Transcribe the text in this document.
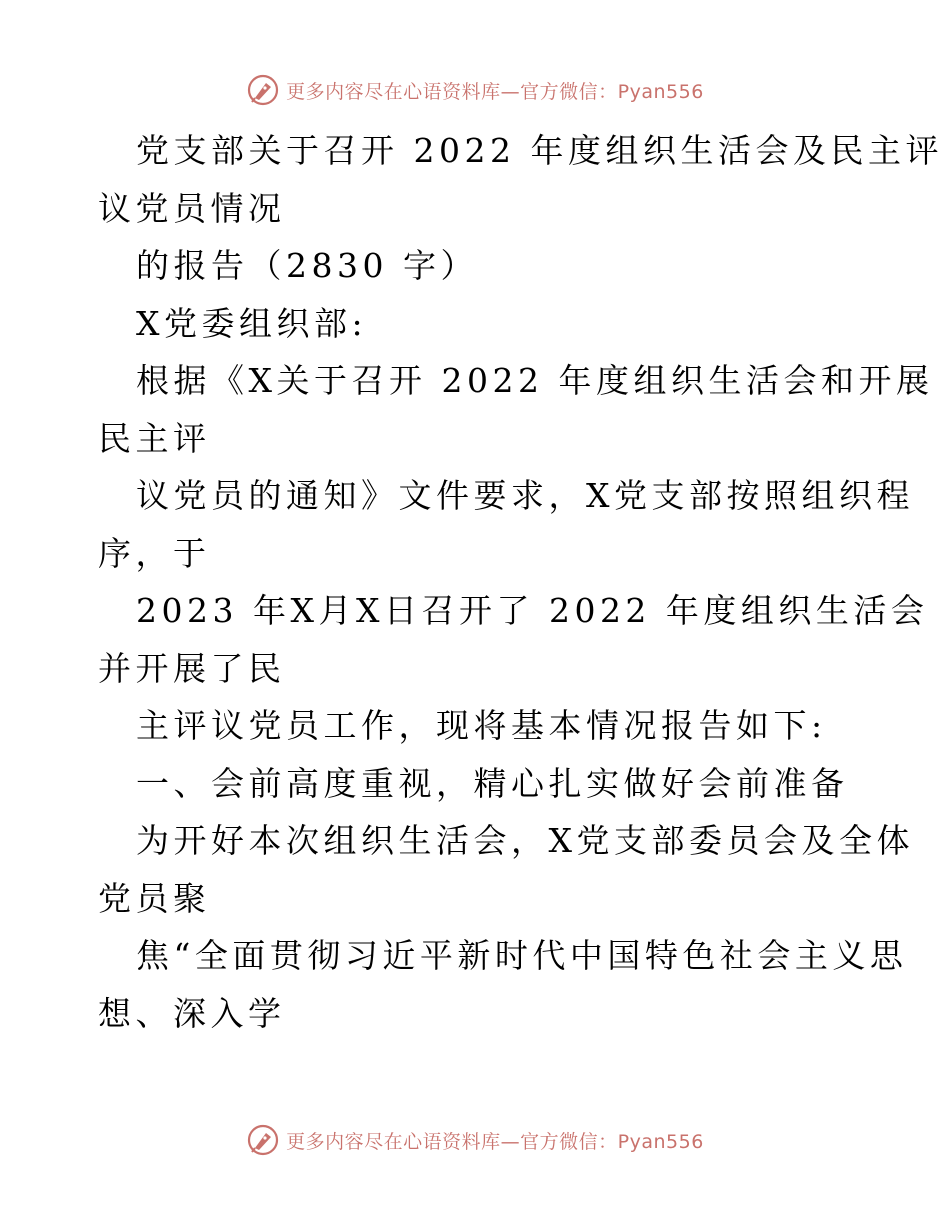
更多内容尽在心语资料库—官方微信：Pyan556
党支部关于召开 2022 年度组织生活会及民主评
议党员情况
的报告（2830 字）
X党委组织部:
根据《X关于召开 2022 年度组织生活会和开展
民主评
议党员的通知》文件要求，X党支部按照组织程
序，于
2023 年X月X日召开了 2022 年度组织生活会
并开展了民
主评议党员工作，现将基本情况报告如下:
一、会前高度重视，精心扎实做好会前准备
为开好本次组织生活会，X党支部委员会及全体
党员聚
焦“全面贯彻习近平新时代中国特色社会主义思
想、深入学
更多内容尽在心语资料库—官方微信：Pyan556
